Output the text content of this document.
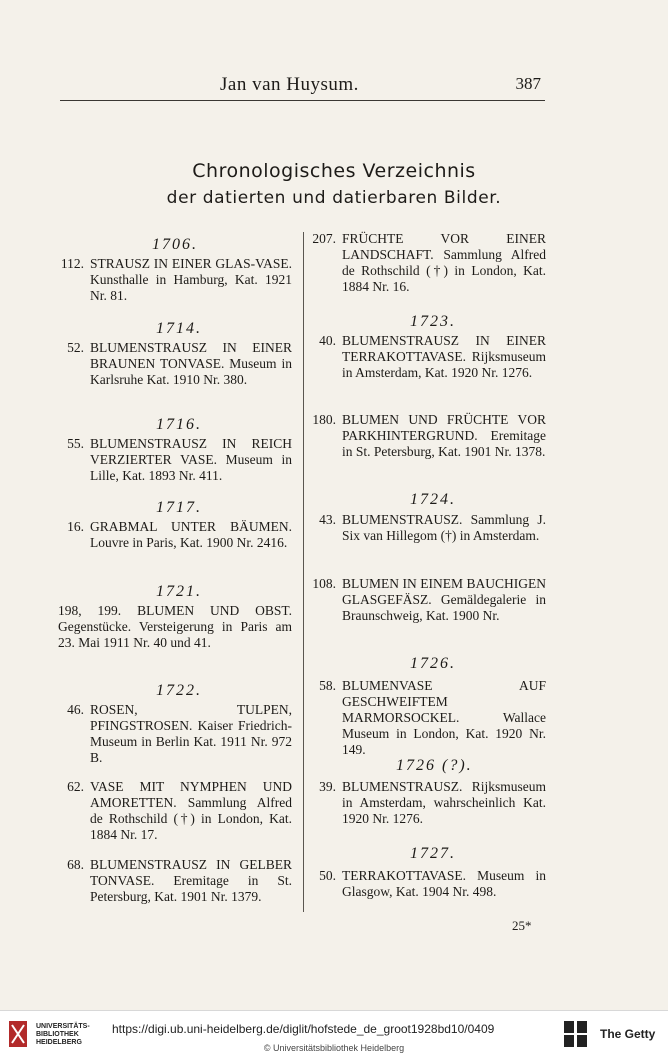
Jan van Huysum.	387
Chronologisches Verzeichnis
der datierten und datierbaren Bilder.
1706.
112. STRAUSZ IN EINER GLAS-VASE. Kunsthalle in Hamburg, Kat. 1921 Nr. 81.
1714.
52. BLUMENSTRAUSZ IN EINER BRAUNEN TONVASE. Museum in Karlsruhe Kat. 1910 Nr. 380.
1716.
55. BLUMENSTRAUSZ IN REICH VERZIERTER VASE. Museum in Lille, Kat. 1893 Nr. 411.
1717.
16. GRABMAL UNTER BÄUMEN. Louvre in Paris, Kat. 1900 Nr. 2416.
1721.
198, 199. BLUMEN UND OBST. Gegenstücke. Versteigerung in Paris am 23. Mai 1911 Nr. 40 und 41.
1722.
46. ROSEN, TULPEN, PFINGSTROSEN. Kaiser Friedrich-Museum in Berlin Kat. 1911 Nr. 972 B.
62. VASE MIT NYMPHEN UND AMORETTEN. Sammlung Alfred de Rothschild (†) in London, Kat. 1884 Nr. 17.
68. BLUMENSTRAUSZ IN GELBER TONVASE. Eremitage in St. Petersburg, Kat. 1901 Nr. 1379.
207. FRÜCHTE VOR EINER LANDSCHAFT. Sammlung Alfred de Rothschild (†) in London, Kat. 1884 Nr. 16.
1723.
40. BLUMENSTRAUSZ IN EINER TERRAKOTTAVASE. Rijksmuseum in Amsterdam, Kat. 1920 Nr. 1276.
180. BLUMEN UND FRÜCHTE VOR PARKHINTERGRUND. Eremitage in St. Petersburg, Kat. 1901 Nr. 1378.
1724.
43. BLUMENSTRAUSZ. Sammlung J. Six van Hillegom (†) in Amsterdam.
108. BLUMEN IN EINEM BAUCHIGEN GLASGEFÄSZ. Gemäldegalerie in Braunschweig, Kat. 1900 Nr.
1726.
58. BLUMENVASE AUF GESCHWEIFTEM MARMORSOCKEL. Wallace Museum in London, Kat. 1920 Nr. 149.
1726 (?).
39. BLUMENSTRAUSZ. Rijksmuseum in Amsterdam, wahrscheinlich Kat. 1920 Nr. 1276.
1727.
50. TERRAKOTTAVASE. Museum in Glasgow, Kat. 1904 Nr. 498.
25*
UNIVERSITÄTS-
BIBLIOTHEK
HEIDELBERG
https://digi.ub.uni-heidelberg.de/diglit/hofstede_de_groot1928bd10/0409
© Universitätsbibliothek Heidelberg
The Getty
